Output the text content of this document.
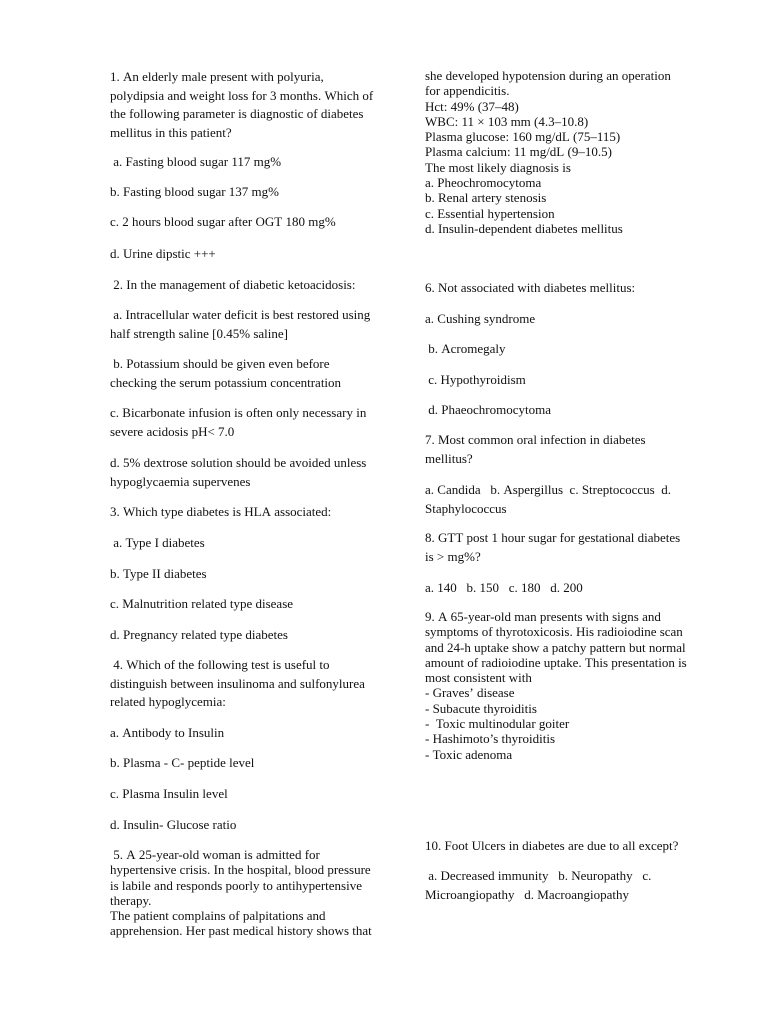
1. An elderly male present with polyuria,
polydipsia and weight loss for 3 months. Which of
the following parameter is diagnostic of diabetes
mellitus in this patient?
a. Fasting blood sugar 117 mg%
b. Fasting blood sugar 137 mg%
c. 2 hours blood sugar after OGT 180 mg%
d. Urine dipstic +++
2. In the management of diabetic ketoacidosis:
a. Intracellular water deficit is best restored using
half strength saline [0.45% saline]
b. Potassium should be given even before
checking the serum potassium concentration
c. Bicarbonate infusion is often only necessary in
severe acidosis pH< 7.0
d. 5% dextrose solution should be avoided unless
hypoglycaemia supervenes
3. Which type diabetes is HLA associated:
a. Type I diabetes
b. Type II diabetes
c. Malnutrition related type disease
d. Pregnancy related type diabetes
4. Which of the following test is useful to
distinguish between insulinoma and sulfonylurea
related hypoglycemia:
a. Antibody to Insulin
b. Plasma - C- peptide level
c. Plasma Insulin level
d. Insulin- Glucose ratio
5. A 25-year-old woman is admitted for
hypertensive crisis. In the hospital, blood pressure
is labile and responds poorly to antihypertensive
therapy.
The patient complains of palpitations and
apprehension. Her past medical history shows that
she developed hypotension during an operation
for appendicitis.
Hct: 49% (37–48)
WBC: 11 × 103 mm (4.3–10.8)
Plasma glucose: 160 mg/dL (75–115)
Plasma calcium: 11 mg/dL (9–10.5)
The most likely diagnosis is
a. Pheochromocytoma
b. Renal artery stenosis
c. Essential hypertension
d. Insulin-dependent diabetes mellitus
6. Not associated with diabetes mellitus:
a. Cushing syndrome
b. Acromegaly
c. Hypothyroidism
d. Phaeochromocytoma
7. Most common oral infection in diabetes
mellitus?
a. Candida   b. Aspergillus  c. Streptococcus  d.
Staphylococcus
8. GTT post 1 hour sugar for gestational diabetes
is > mg%?
a. 140   b. 150   c. 180   d. 200
9. A 65-year-old man presents with signs and
symptoms of thyrotoxicosis. His radioiodine scan
and 24-h uptake show a patchy pattern but normal
amount of radioiodine uptake. This presentation is
most consistent with
- Graves’ disease
- Subacute thyroiditis
-  Toxic multinodular goiter
- Hashimoto’s thyroiditis
- Toxic adenoma
10. Foot Ulcers in diabetes are due to all except?
a. Decreased immunity   b. Neuropathy   c.
Microangiopathy   d. Macroangiopathy
